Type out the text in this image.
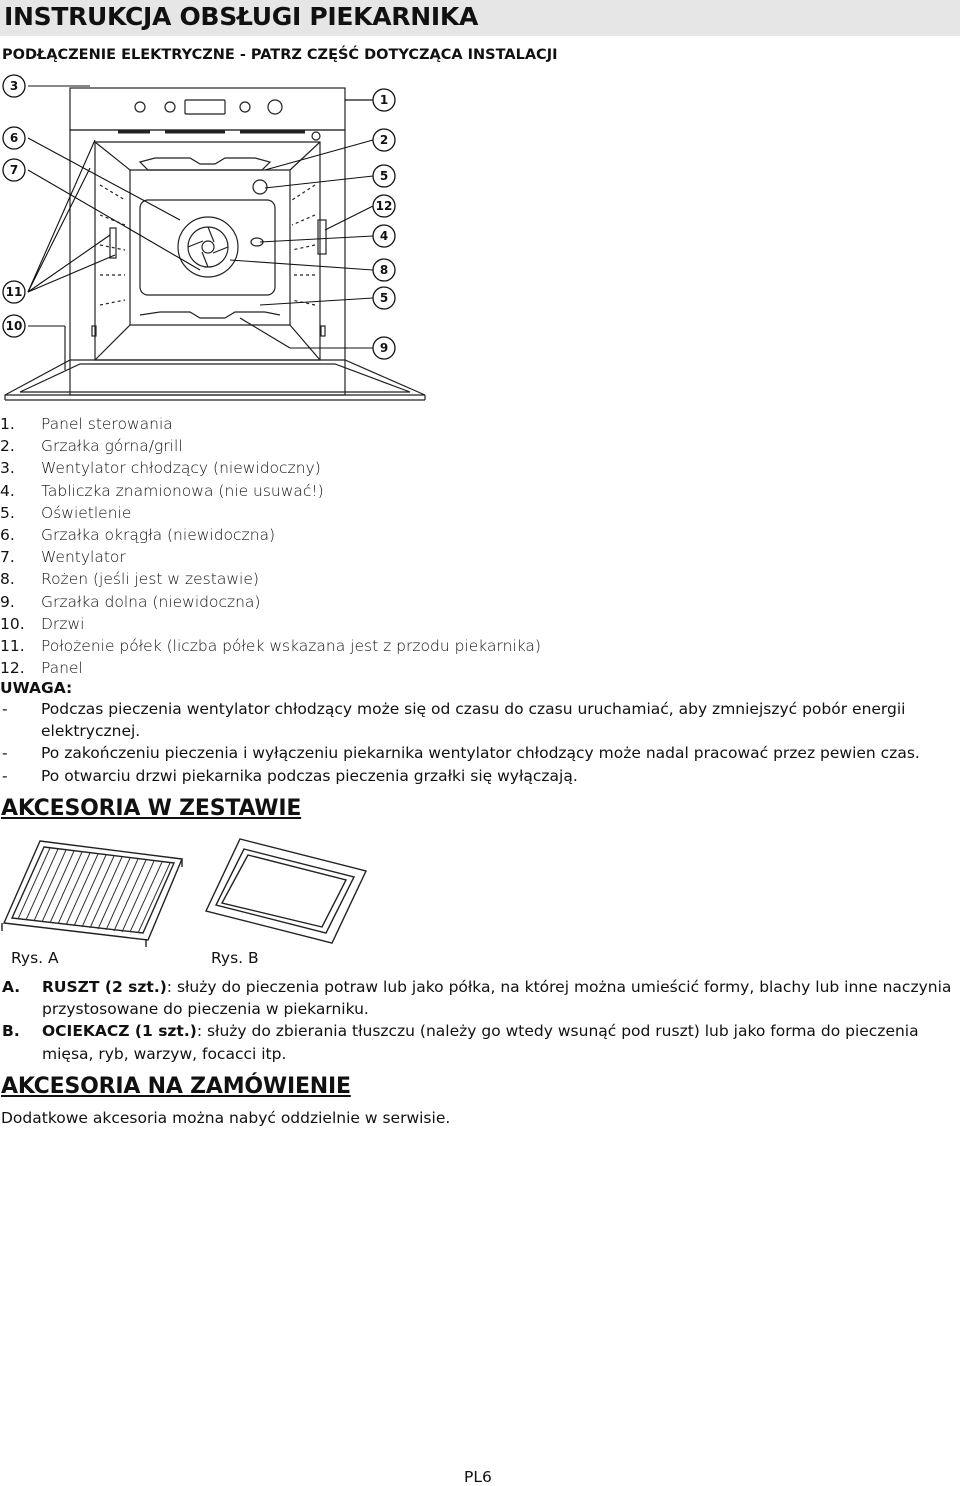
INSTRUKCJA OBSŁUGI PIEKARNIKA
PODŁĄCZENIE ELEKTRYCZNE - PATRZ CZĘŚĆ DOTYCZĄCA INSTALACJI
3
6
7
11
10
1
2
5
12
4
8
5
9
1. Panel sterowania
2. Grzałka górna/grill
3. Wentylator chłodzący (niewidoczny)
4. Tabliczka znamionowa (nie usuwać!)
5. Oświetlenie
6. Grzałka okrągła (niewidoczna)
7. Wentylator
8. Rożen (jeśli jest w zestawie)
9. Grzałka dolna (niewidoczna)
10. Drzwi
11. Położenie półek (liczba półek wskazana jest z przodu piekarnika)
12. Panel

UWAGA:

- Podczas pieczenia wentylator chłodzący może się od czasu do czasu uruchamiać, aby zmniejszyć pobór energii elektrycznej.
- Po zakończeniu pieczenia i wyłączeniu piekarnika wentylator chłodzący może nadal pracować przez pewien czas.
- Po otwarciu drzwi piekarnika podczas pieczenia grzałki się wyłączają.
AKCESORIA W ZESTAWIE
Rys. A	Rys. B
A. RUSZT (2 szt.): służy do pieczenia potraw lub jako półka, na której można umieścić formy, blachy lub inne naczynia przystosowane do pieczenia w piekarniku.
B. OCIEKACZ (1 szt.): służy do zbierania tłuszczu (należy go wtedy wsunąć pod ruszt) lub jako forma do pieczenia mięsa, ryb, warzyw, focacci itp.
AKCESORIA NA ZAMÓWIENIE

Dodatkowe akcesoria można nabyć oddzielnie w serwisie.

PL6
